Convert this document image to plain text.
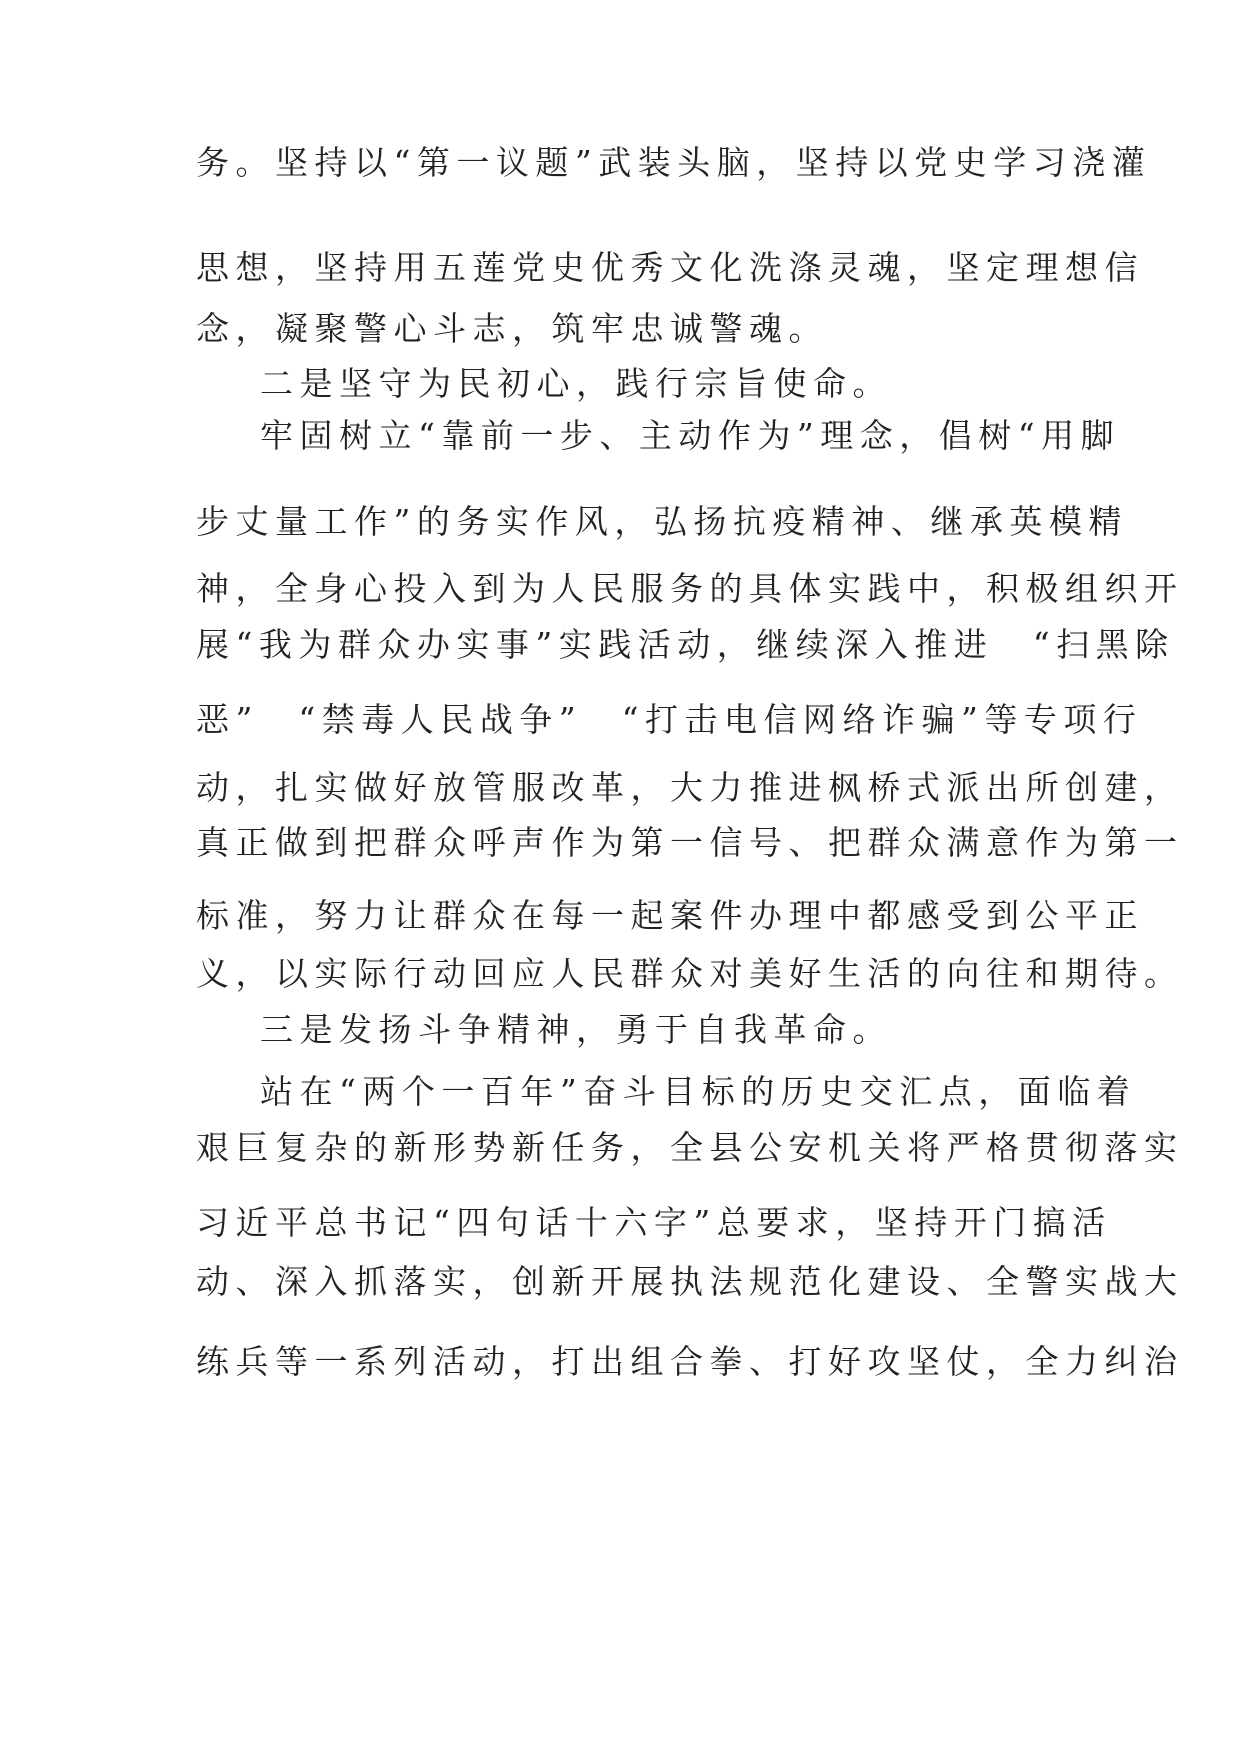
务。坚持以“第一议题”武装头脑，坚持以党史学习浇灌
思想，坚持用五莲党史优秀文化洗涤灵魂，坚定理想信
念，凝聚警心斗志，筑牢忠诚警魂。
二是坚守为民初心，践行宗旨使命。
牢固树立“靠前一步、主动作为”理念，倡树“用脚
步丈量工作”的务实作风，弘扬抗疫精神、继承英模精
神，全身心投入到为人民服务的具体实践中，积极组织开
展“我为群众办实事”实践活动，继续深入推进　“扫黑除
恶”　“禁毒人民战争”　“打击电信网络诈骗”等专项行
动，扎实做好放管服改革，大力推进枫桥式派出所创建，
真正做到把群众呼声作为第一信号、把群众满意作为第一
标准，努力让群众在每一起案件办理中都感受到公平正
义，以实际行动回应人民群众对美好生活的向往和期待。
三是发扬斗争精神，勇于自我革命。
站在“两个一百年”奋斗目标的历史交汇点，面临着
艰巨复杂的新形势新任务，全县公安机关将严格贯彻落实
习近平总书记“四句话十六字”总要求，坚持开门搞活
动、深入抓落实，创新开展执法规范化建设、全警实战大
练兵等一系列活动，打出组合拳、打好攻坚仗，全力纠治
